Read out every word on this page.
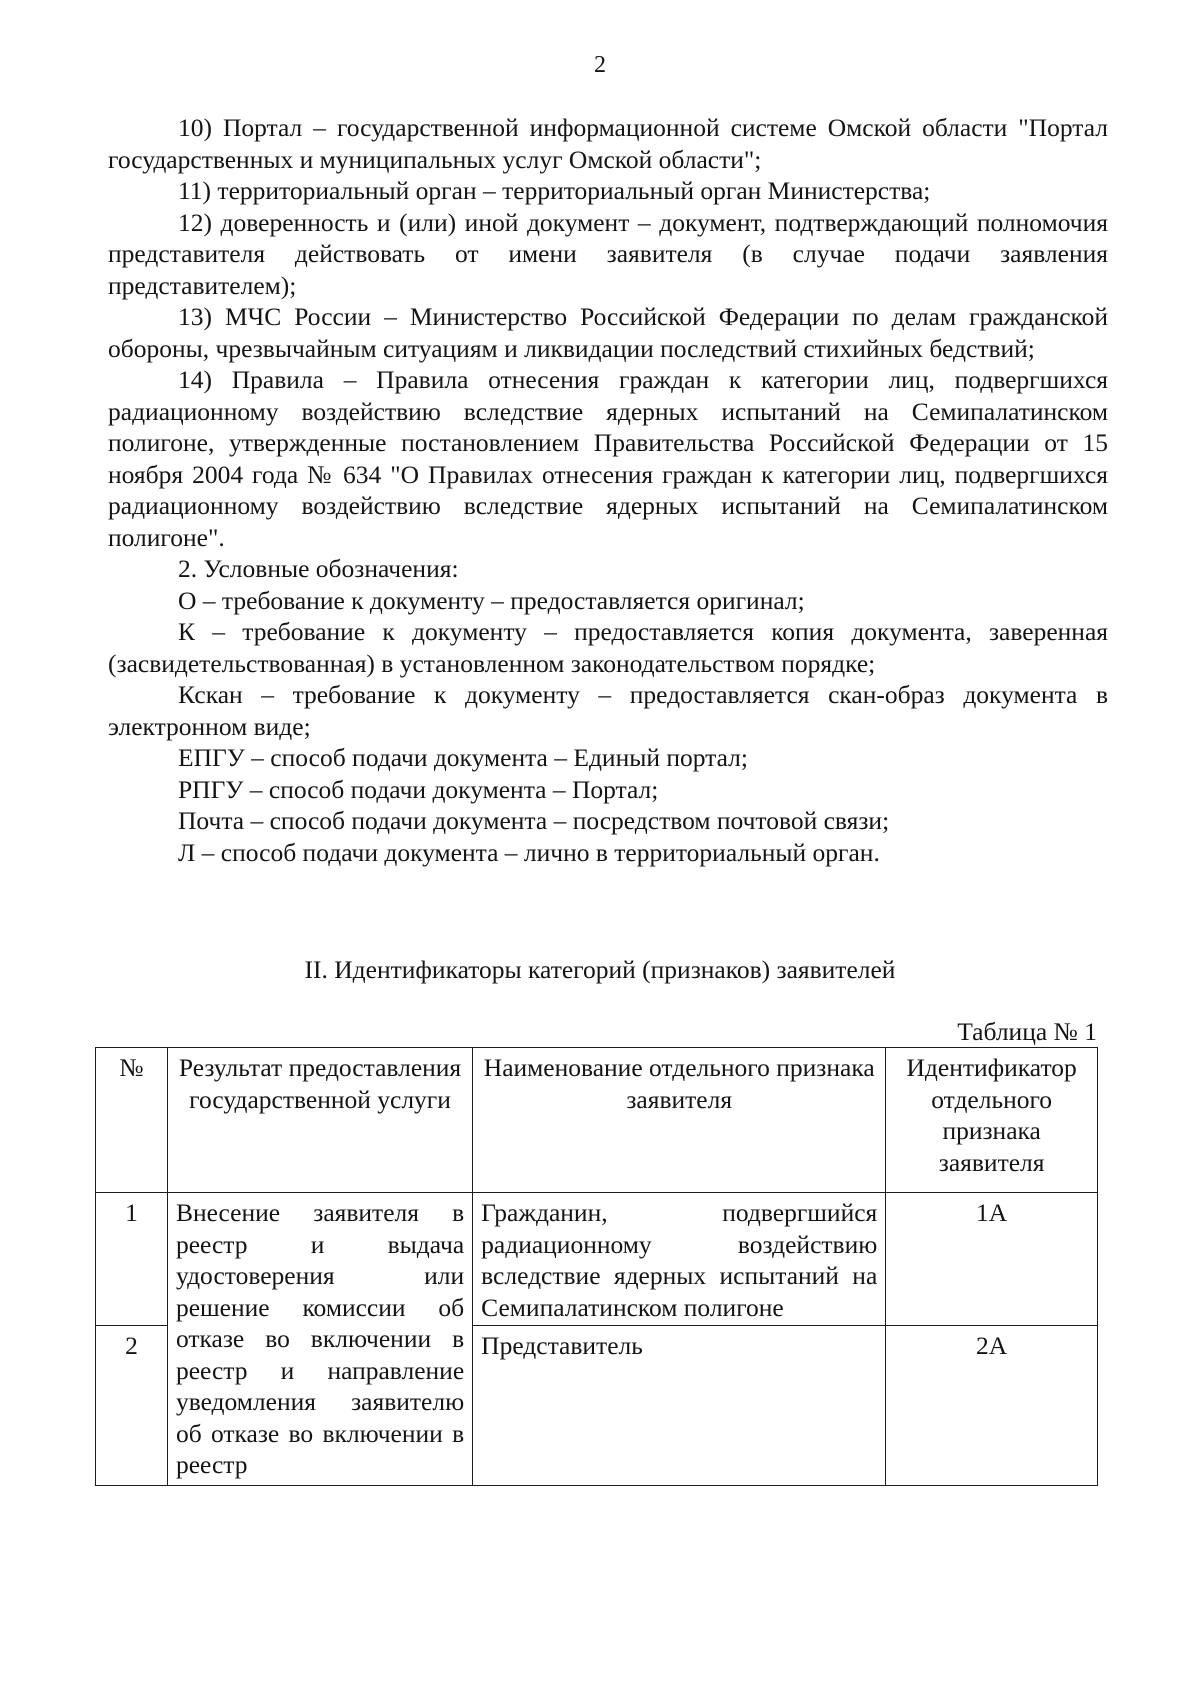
2

10) Портал – государственной информационной системе Омской области "Портал государственных и муниципальных услуг Омской области";

11) территориальный орган – территориальный орган Министерства;

12) доверенность и (или) иной документ – документ, подтверждающий полномочия представителя действовать от имени заявителя (в случае подачи заявления представителем);

13) МЧС России – Министерство Российской Федерации по делам гражданской обороны, чрезвычайным ситуациям и ликвидации последствий стихийных бедствий;

14) Правила – Правила отнесения граждан к категории лиц, подвергшихся радиационному воздействию вследствие ядерных испытаний на Семипалатинском полигоне, утвержденные постановлением Правительства Российской Федерации от 15 ноября 2004 года № 634 "О Правилах отнесения граждан к категории лиц, подвергшихся радиационному воздействию вследствие ядерных испытаний на Семипалатинском полигоне".

2. Условные обозначения:

О – требование к документу – предоставляется оригинал;

К – требование к документу – предоставляется копия документа, заверенная (засвидетельствованная) в установленном законодательством порядке;

Кскан – требование к документу – предоставляется скан-образ документа в электронном виде;

ЕПГУ – способ подачи документа – Единый портал;

РПГУ – способ подачи документа – Портал;

Почта – способ подачи документа – посредством почтовой связи;

Л – способ подачи документа – лично в территориальный орган.

II. Идентификаторы категорий (признаков) заявителей
Таблица № 1
№	Результат предоставления государственной услуги	Наименование отдельного признака заявителя	Идентификатор отдельного признака заявителя
1	Внесение заявителя в реестр и выдача удостоверения или решение комиссии об отказе во включении в реестр и направление уведомления заявителю об отказе во включении в реестр	Гражданин, подвергшийся радиационному воздействию вследствие ядерных испытаний на Семипалатинском полигоне	1А
2		Представитель	2А
